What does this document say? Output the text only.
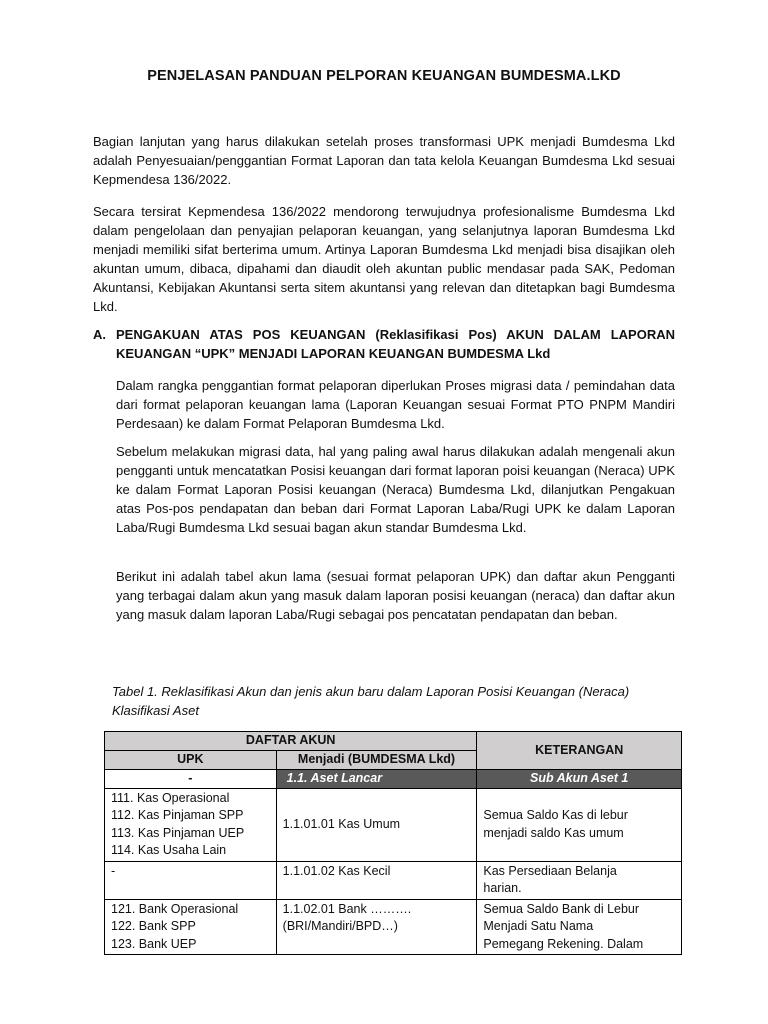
PENJELASAN PANDUAN PELPORAN KEUANGAN BUMDESMA.LKD

Bagian lanjutan yang harus dilakukan setelah proses transformasi UPK menjadi Bumdesma Lkd adalah Penyesuaian/penggantian Format Laporan dan tata kelola Keuangan Bumdesma Lkd sesuai Kepmendesa 136/2022.

Secara tersirat Kepmendesa 136/2022 mendorong terwujudnya profesionalisme Bumdesma Lkd dalam pengelolaan dan penyajian pelaporan keuangan, yang selanjutnya laporan Bumdesma Lkd menjadi memiliki sifat berterima umum. Artinya Laporan Bumdesma Lkd menjadi bisa disajikan oleh akuntan umum, dibaca, dipahami dan diaudit oleh akuntan public mendasar pada SAK, Pedoman Akuntansi, Kebijakan Akuntansi serta sitem akuntansi yang relevan dan ditetapkan bagi Bumdesma Lkd.

A. PENGAKUAN ATAS POS KEUANGAN (Reklasifikasi Pos) AKUN DALAM LAPORAN KEUANGAN “UPK” MENJADI LAPORAN KEUANGAN BUMDESMA Lkd

Dalam rangka penggantian format pelaporan diperlukan Proses migrasi data / pemindahan data dari format pelaporan keuangan lama (Laporan Keuangan sesuai Format PTO PNPM Mandiri Perdesaan) ke dalam Format Pelaporan Bumdesma Lkd.

Sebelum melakukan migrasi data, hal yang paling awal harus dilakukan adalah mengenali akun pengganti untuk mencatatkan Posisi keuangan dari format laporan poisi keuangan (Neraca) UPK ke dalam Format Laporan Posisi keuangan (Neraca) Bumdesma Lkd, dilanjutkan Pengakuan atas Pos-pos pendapatan dan beban dari Format Laporan Laba/Rugi UPK ke dalam Laporan Laba/Rugi Bumdesma Lkd sesuai bagan akun standar Bumdesma Lkd.

Berikut ini adalah tabel akun lama (sesuai format pelaporan UPK) dan daftar akun Pengganti yang terbagai dalam akun yang masuk dalam laporan posisi keuangan (neraca) dan daftar akun yang masuk dalam laporan Laba/Rugi sebagai pos pencatatan pendapatan dan beban.

Tabel 1. Reklasifikasi Akun dan jenis akun baru dalam Laporan Posisi Keuangan (Neraca)
Klasifikasi Aset
DAFTAR AKUN		KETERANGAN
UPK	Menjadi (BUMDESMA Lkd)	
-	1.1. Aset Lancar	Sub Akun Aset 1

111. Kas Operasional
112. Kas Pinjaman SPP
113. Kas Pinjaman UEP
114. Kas Usaha Lain	1.1.01.01 Kas Umum	Semua Saldo Kas di lebur
menjadi saldo Kas umum

-	1.1.01.02 Kas Kecil	Kas Persediaan Belanja
harian.

121. Bank Operasional
122. Bank SPP
123. Bank UEP	1.1.02.01 Bank ……….
(BRI/Mandiri/BPD…)	Semua Saldo Bank di Lebur
Menjadi Satu Nama
Pemegang Rekening. Dalam
